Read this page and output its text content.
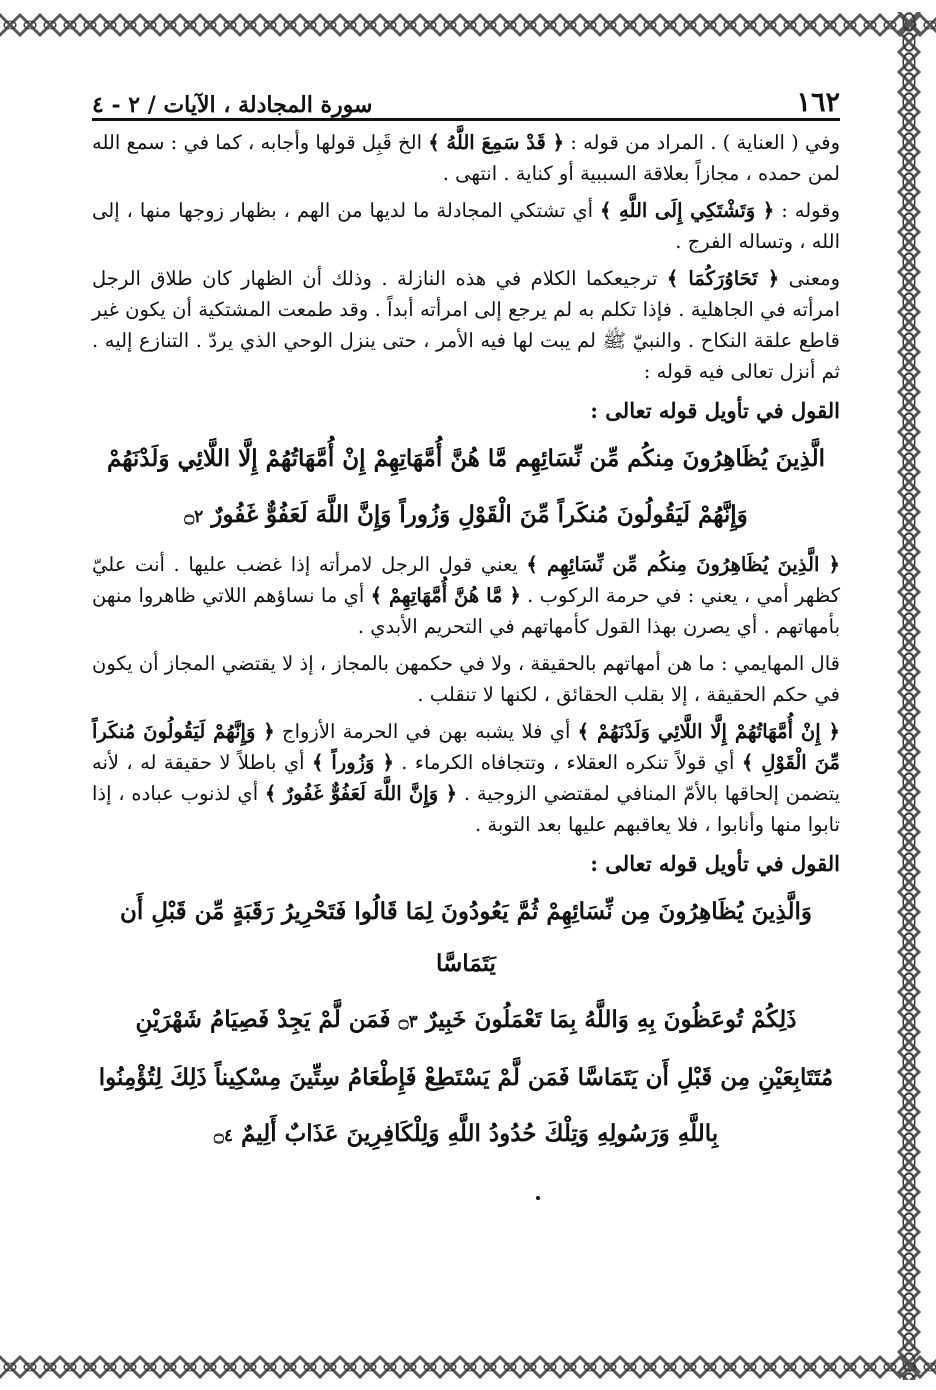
١٦٢
سورة المجادلة ، الآيات / ٢ - ٤

وفي ( العناية ) . المراد من قوله : ﴿ قَدْ سَمِعَ اللَّهُ ﴾ الخ قَبِل قولها وأجابه ، كما في : سمع الله لمن حمده ، مجازاً بعلاقة السببية أو كناية . انتهى .

وقوله : ﴿ وَتَشْتَكِي إِلَى اللَّهِ ﴾ أي تشتكي المجادلة ما لديها من الهم ، بظهار زوجها منها ، إلى الله ، وتساله الفرج .

ومعنى ﴿ تَحَاوُرَكُمَا ﴾ ترجيعكما الكلام في هذه النازلة . وذلك أن الظهار كان طلاق الرجل امرأته في الجاهلية . فإذا تكلم به لم يرجع إلى امرأته أبداً . وقد طمعت المشتكية أن يكون غير قاطع علقة النكاح . والنبيّ ﷺ لم يبت لها فيه الأمر ، حتى ينزل الوحي الذي يردّ . التنازع إليه . ثم أنزل تعالى فيه قوله :

القول في تأويل قوله تعالى :
الَّذِينَ يُظَاهِرُونَ مِنكُم مِّن نِّسَائِهِم مَّا هُنَّ أُمَّهَاتِهِمْ إِنْ أُمَّهَاتُهُمْ إِلَّا اللَّائِي وَلَدْنَهُمْ
وَإِنَّهُمْ لَيَقُولُونَ مُنكَراً مِّنَ الْقَوْلِ وَزُوراً وَإِنَّ اللَّهَ لَعَفُوٌّ غَفُورٌ ۝٢

﴿ الَّذِينَ يُظَاهِرُونَ مِنكُم مِّن نِّسَائِهِم ﴾ يعني قول الرجل لامرأته إذا غضب عليها . أنت عليّ كظهر أمي ، يعني : في حرمة الركوب . ﴿ مَّا هُنَّ أُمَّهَاتِهِمْ ﴾ أي ما نساؤهم اللاتي ظاهروا منهن بأمهاتهم . أي يصرن بهذا القول كأمهاتهم في التحريم الأبدي .

قال المهايمي : ما هن أمهاتهم بالحقيقة ، ولا في حكمهن بالمجاز ، إذ لا يقتضي المجاز أن يكون في حكم الحقيقة ، إلا بقلب الحقائق ، لكنها لا تنقلب .

﴿ إِنْ أُمَّهَاتُهُمْ إِلَّا اللَّائِي وَلَدْنَهُمْ ﴾ أي فلا يشبه بهن في الحرمة الأزواج ﴿ وَإِنَّهُمْ لَيَقُولُونَ مُنكَراً مِّنَ الْقَوْلِ ﴾ أي قولاً تنكره العقلاء ، وتتجافاه الكرماء . ﴿ وَزُوراً ﴾ أي باطلاً لا حقيقة له ، لأنه يتضمن إلحاقها بالأمّ المنافي لمقتضي الزوجية . ﴿ وَإِنَّ اللَّهَ لَعَفُوٌّ غَفُورٌ ﴾ أي لذنوب عباده ، إذا تابوا منها وأنابوا ، فلا يعاقبهم عليها بعد التوبة .

القول في تأويل قوله تعالى :
وَالَّذِينَ يُظَاهِرُونَ مِن نِّسَائِهِمْ ثُمَّ يَعُودُونَ لِمَا قَالُوا فَتَحْرِيرُ رَقَبَةٍ مِّن قَبْلِ أَن يَتَمَاسَّا
ذَلِكُمْ تُوعَظُونَ بِهِ وَاللَّهُ بِمَا تَعْمَلُونَ خَبِيرٌ ۝٣ فَمَن لَّمْ يَجِدْ فَصِيَامُ شَهْرَيْنِ
مُتَتَابِعَيْنِ مِن قَبْلِ أَن يَتَمَاسَّا فَمَن لَّمْ يَسْتَطِعْ فَإِطْعَامُ سِتِّينَ مِسْكِيناً ذَلِكَ لِتُؤْمِنُوا
بِاللَّهِ وَرَسُولِهِ وَتِلْكَ حُدُودُ اللَّهِ وَلِلْكَافِرِينَ عَذَابٌ أَلِيمٌ ۝٤
